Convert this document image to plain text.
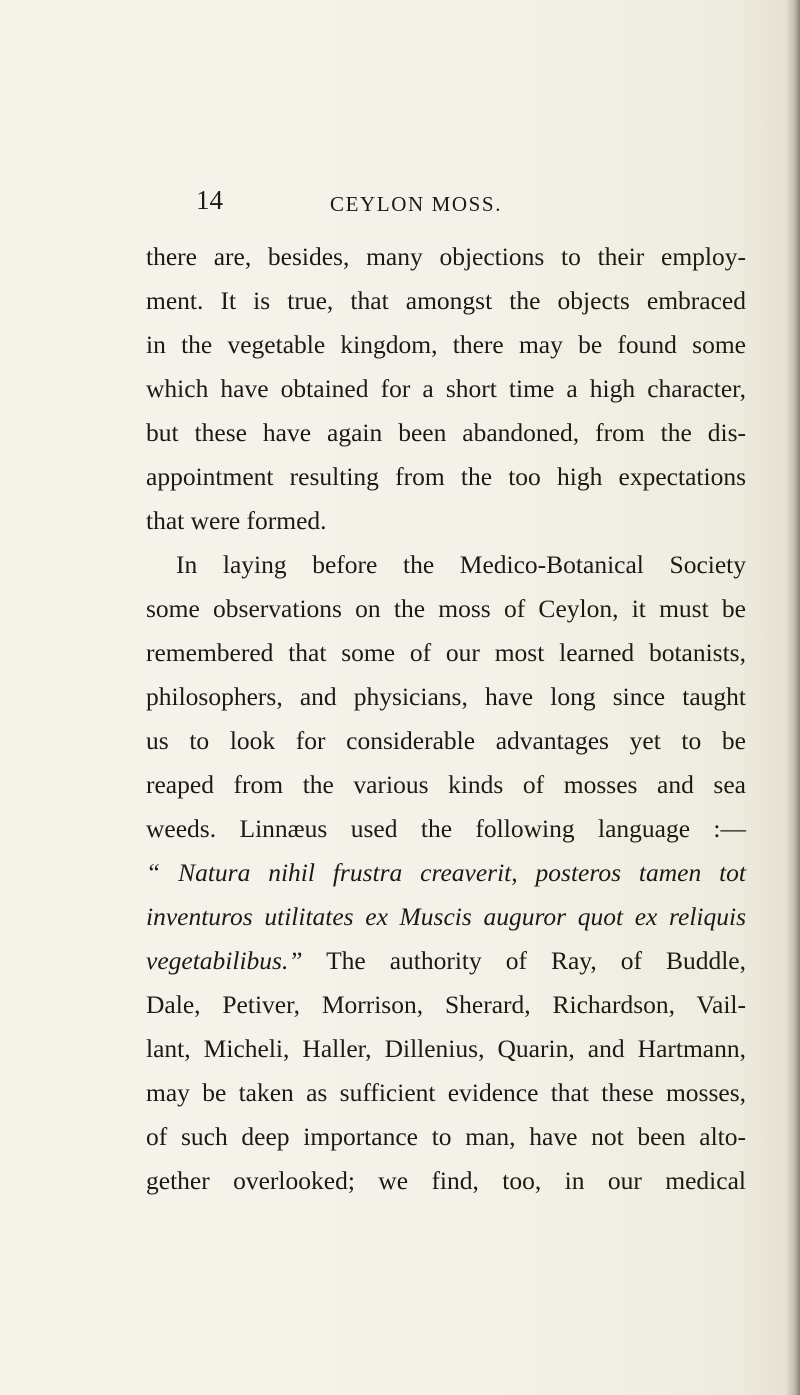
14	CEYLON MOSS.
there are, besides, many objections to their employ-
ment. It is true, that amongst the objects embraced
in the vegetable kingdom, there may be found some
which have obtained for a short time a high character,
but these have again been abandoned, from the dis-
appointment resulting from the too high expectations
that were formed.
In laying before the Medico-Botanical Society
some observations on the moss of Ceylon, it must be
remembered that some of our most learned botanists,
philosophers, and physicians, have long since taught
us to look for considerable advantages yet to be
reaped from the various kinds of mosses and sea
weeds. Linnæus used the following language :—
“ Natura nihil frustra creaverit, posteros tamen tot
inventuros utilitates ex Muscis auguror quot ex reliquis
vegetabilibus.” The authority of Ray, of Buddle,
Dale, Petiver, Morrison, Sherard, Richardson, Vail-
lant, Micheli, Haller, Dillenius, Quarin, and Hartmann,
may be taken as sufficient evidence that these mosses,
of such deep importance to man, have not been alto-
gether overlooked; we find, too, in our medical
